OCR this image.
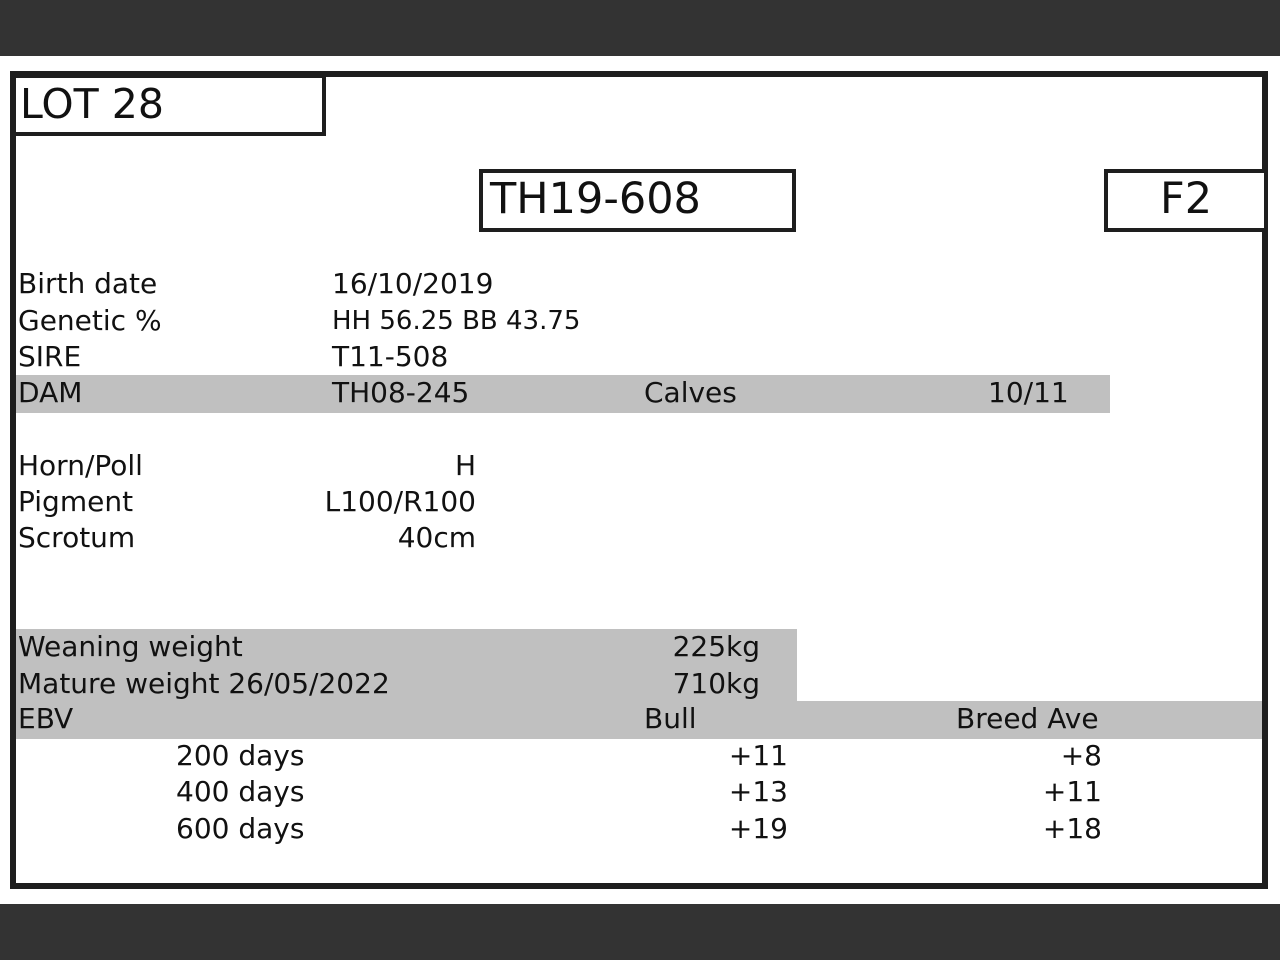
LOT 28
TH19-608	F2
Birth date	16/10/2019
Genetic %	HH 56.25 BB 43.75
SIRE	T11-508
DAM	TH08-245	Calves	10/11
Horn/Poll	H
Pigment	L100/R100
Scrotum	40cm
Weaning weight	225kg
Mature weight 26/05/2022	710kg
EBV	Bull	Breed Ave
200 days	+11	+8
400 days	+13	+11
600 days	+19	+18
